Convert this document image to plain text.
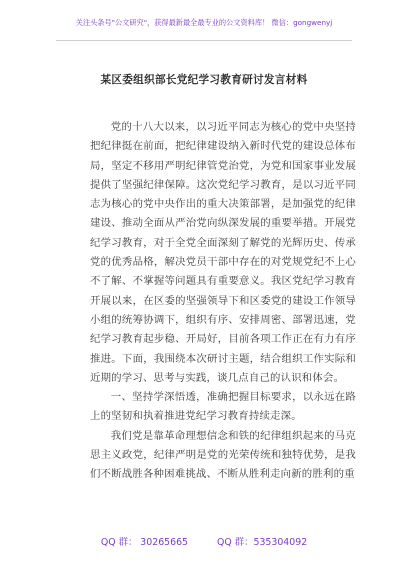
关注头条号"公文研究"，获得最新最全最专业的公文资料库！ 微信：gongwenyj
某区委组织部长党纪学习教育研讨发言材料

党的十八大以来，以习近平同志为核心的党中央坚持把纪律挺在前面，把纪律建设纳入新时代党的建设总体布局，坚定不移用严明纪律管党治党，为党和国家事业发展提供了坚强纪律保障。这次党纪学习教育，是以习近平同志为核心的党中央作出的重大决策部署，是加强党的纪律建设、推动全面从严治党向纵深发展的重要举措。开展党纪学习教育，对于全党全面深刻了解党的光辉历史、传承党的优秀品格，解决党员干部中存在的对党规党纪不上心不了解、不掌握等问题具有重要意义。我区党纪学习教育开展以来，在区委的坚强领导下和区委党的建设工作领导小组的统筹协调下，组织有序、安排周密、部署迅速，党纪学习教育起步稳、开局好，目前各项工作正在有力有序推进。下面，我围绕本次研讨主题，结合组织工作实际和近期的学习、思考与实践，谈几点自己的认识和体会。

一、坚持学深悟透，准确把握目标要求，以永远在路上的坚韧和执着推进党纪学习教育持续走深。

我们党是靠革命理想信念和铁的纪律组织起来的马克思主义政党，纪律严明是党的光荣传统和独特优势，是我们不断战胜各种困难挑战、不断从胜利走向新的胜利的重

QQ 群： 30265665	QQ 群：535304092
